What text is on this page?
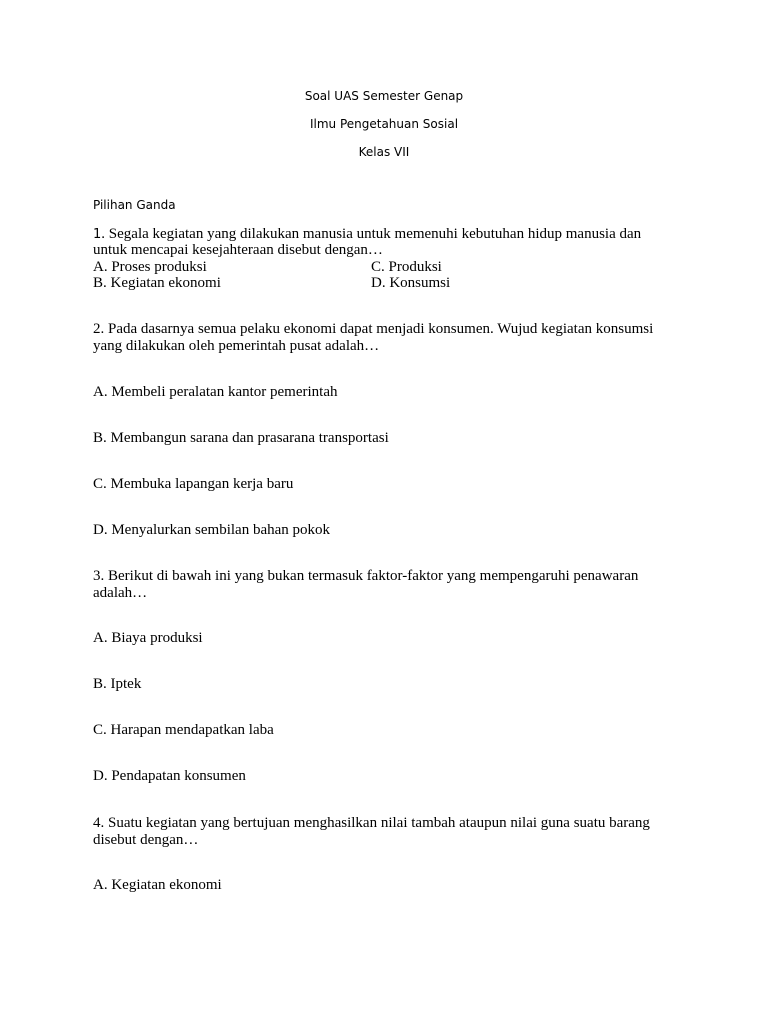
Soal UAS Semester Genap
Ilmu Pengetahuan Sosial
Kelas VII
Pilihan Ganda
1. Segala kegiatan yang dilakukan manusia untuk memenuhi kebutuhan hidup manusia dan
untuk mencapai kesejahteraan disebut dengan…
A. Proses produksi	C. Produksi
B. Kegiatan ekonomi	D. Konsumsi
2. Pada dasarnya semua pelaku ekonomi dapat menjadi konsumen. Wujud kegiatan konsumsi
yang dilakukan oleh pemerintah pusat adalah…
A. Membeli peralatan kantor pemerintah
B. Membangun sarana dan prasarana transportasi
C. Membuka lapangan kerja baru
D. Menyalurkan sembilan bahan pokok
3. Berikut di bawah ini yang bukan termasuk faktor-faktor yang mempengaruhi penawaran
adalah…
A. Biaya produksi
B. Iptek
C. Harapan mendapatkan laba
D. Pendapatan konsumen
4. Suatu kegiatan yang bertujuan menghasilkan nilai tambah ataupun nilai guna suatu barang
disebut dengan…
A. Kegiatan ekonomi
